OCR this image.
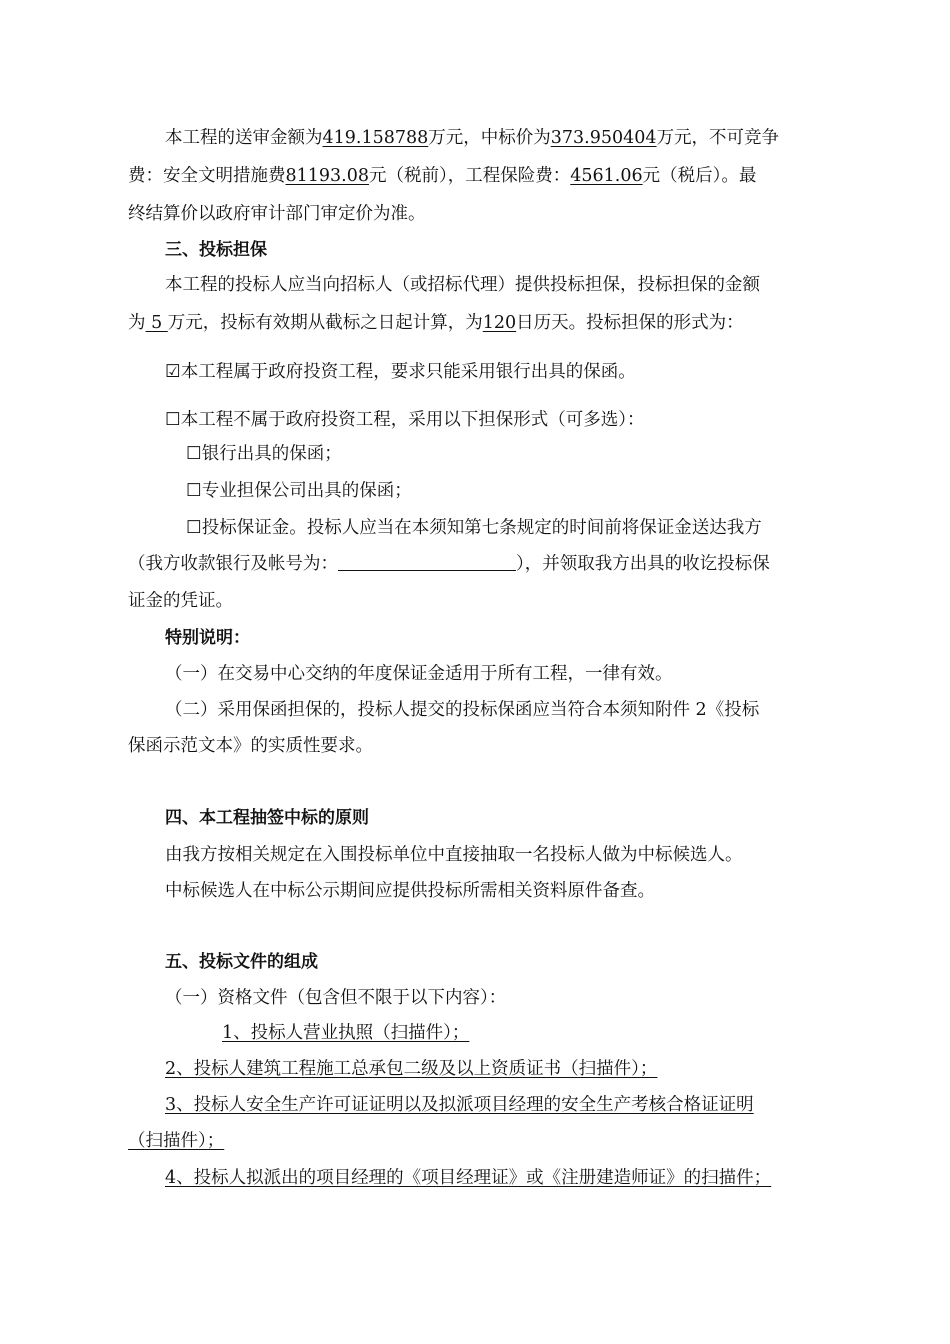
本工程的送审金额为419.158788万元，中标价为373.950404万元，不可竞争
费：安全文明措施费81193.08元（税前），工程保险费：4561.06元（税后）。最
终结算价以政府审计部门审定价为准。
三、投标担保
本工程的投标人应当向招标人（或招标代理）提供投标担保，投标担保的金额
为 5 万元，投标有效期从截标之日起计算，为120日历天。投标担保的形式为：
☑本工程属于政府投资工程，要求只能采用银行出具的保函。
☐本工程不属于政府投资工程，采用以下担保形式（可多选）：
☐银行出具的保函；
☐专业担保公司出具的保函；
☐投标保证金。投标人应当在本须知第七条规定的时间前将保证金送达我方
（我方收款银行及帐号为：	），并领取我方出具的收讫投标保
证金的凭证。
特别说明：
（一）在交易中心交纳的年度保证金适用于所有工程，一律有效。
（二）采用保函担保的，投标人提交的投标保函应当符合本须知附件 2《投标
保函示范文本》的实质性要求。
四、本工程抽签中标的原则
由我方按相关规定在入围投标单位中直接抽取一名投标人做为中标候选人。
中标候选人在中标公示期间应提供投标所需相关资料原件备查。
五、投标文件的组成
（一）资格文件（包含但不限于以下内容）：
1、投标人营业执照（扫描件）；
2、投标人建筑工程施工总承包二级及以上资质证书（扫描件）；
3、投标人安全生产许可证证明以及拟派项目经理的安全生产考核合格证证明
（扫描件）；
4、投标人拟派出的项目经理的《项目经理证》或《注册建造师证》的扫描件；
